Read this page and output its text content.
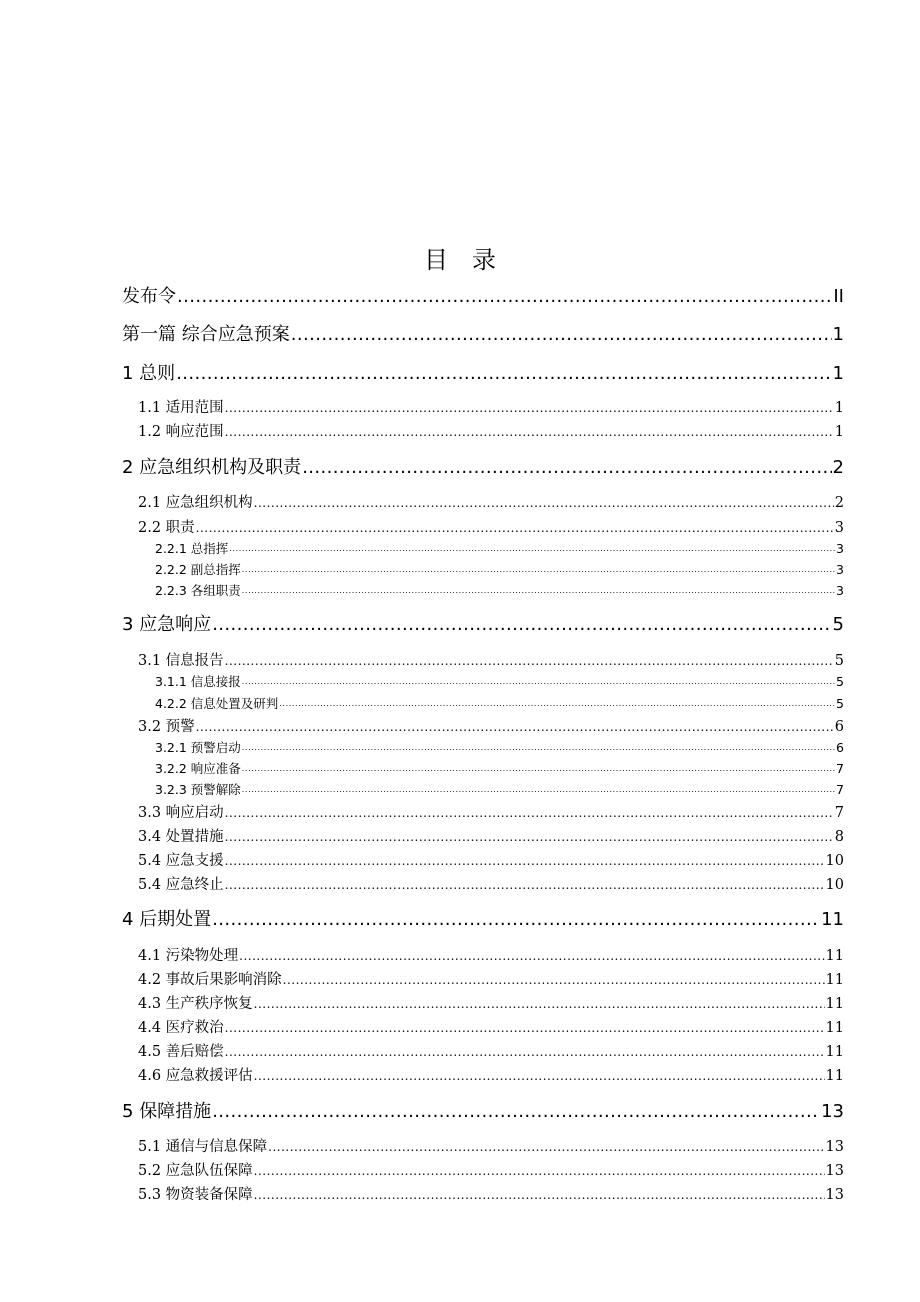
目 录
发布令 .....	II
第一篇 综合应急预案 .....	1
1 总则 .....	1
1.1 适用范围 .....	1
1.2 响应范围 .....	1
2 应急组织机构及职责 .....	2
2.1 应急组织机构 .....	2
2.2 职责 .....	3
2.2.1 总指挥 .....	3
2.2.2 副总指挥 .....	3
2.2.3 各组职责 .....	3
3 应急响应 .....	5
3.1 信息报告 .....	5
3.1.1 信息接报 .....	5
4.2.2 信息处置及研判 .....	5
3.2 预警 .....	6
3.2.1 预警启动 .....	6
3.2.2 响应准备 .....	7
3.2.3 预警解除 .....	7
3.3 响应启动 .....	7
3.4 处置措施 .....	8
5.4 应急支援 .....	10
5.4 应急终止 .....	10
4 后期处置 .....	11
4.1 污染物处理 .....	11
4.2 事故后果影响消除 .....	11
4.3 生产秩序恢复 .....	11
4.4 医疗救治 .....	11
4.5 善后赔偿 .....	11
4.6 应急救援评估 .....	11
5 保障措施 .....	13
5.1 通信与信息保障 .....	13
5.2 应急队伍保障 .....	13
5.3 物资装备保障 .....	13
